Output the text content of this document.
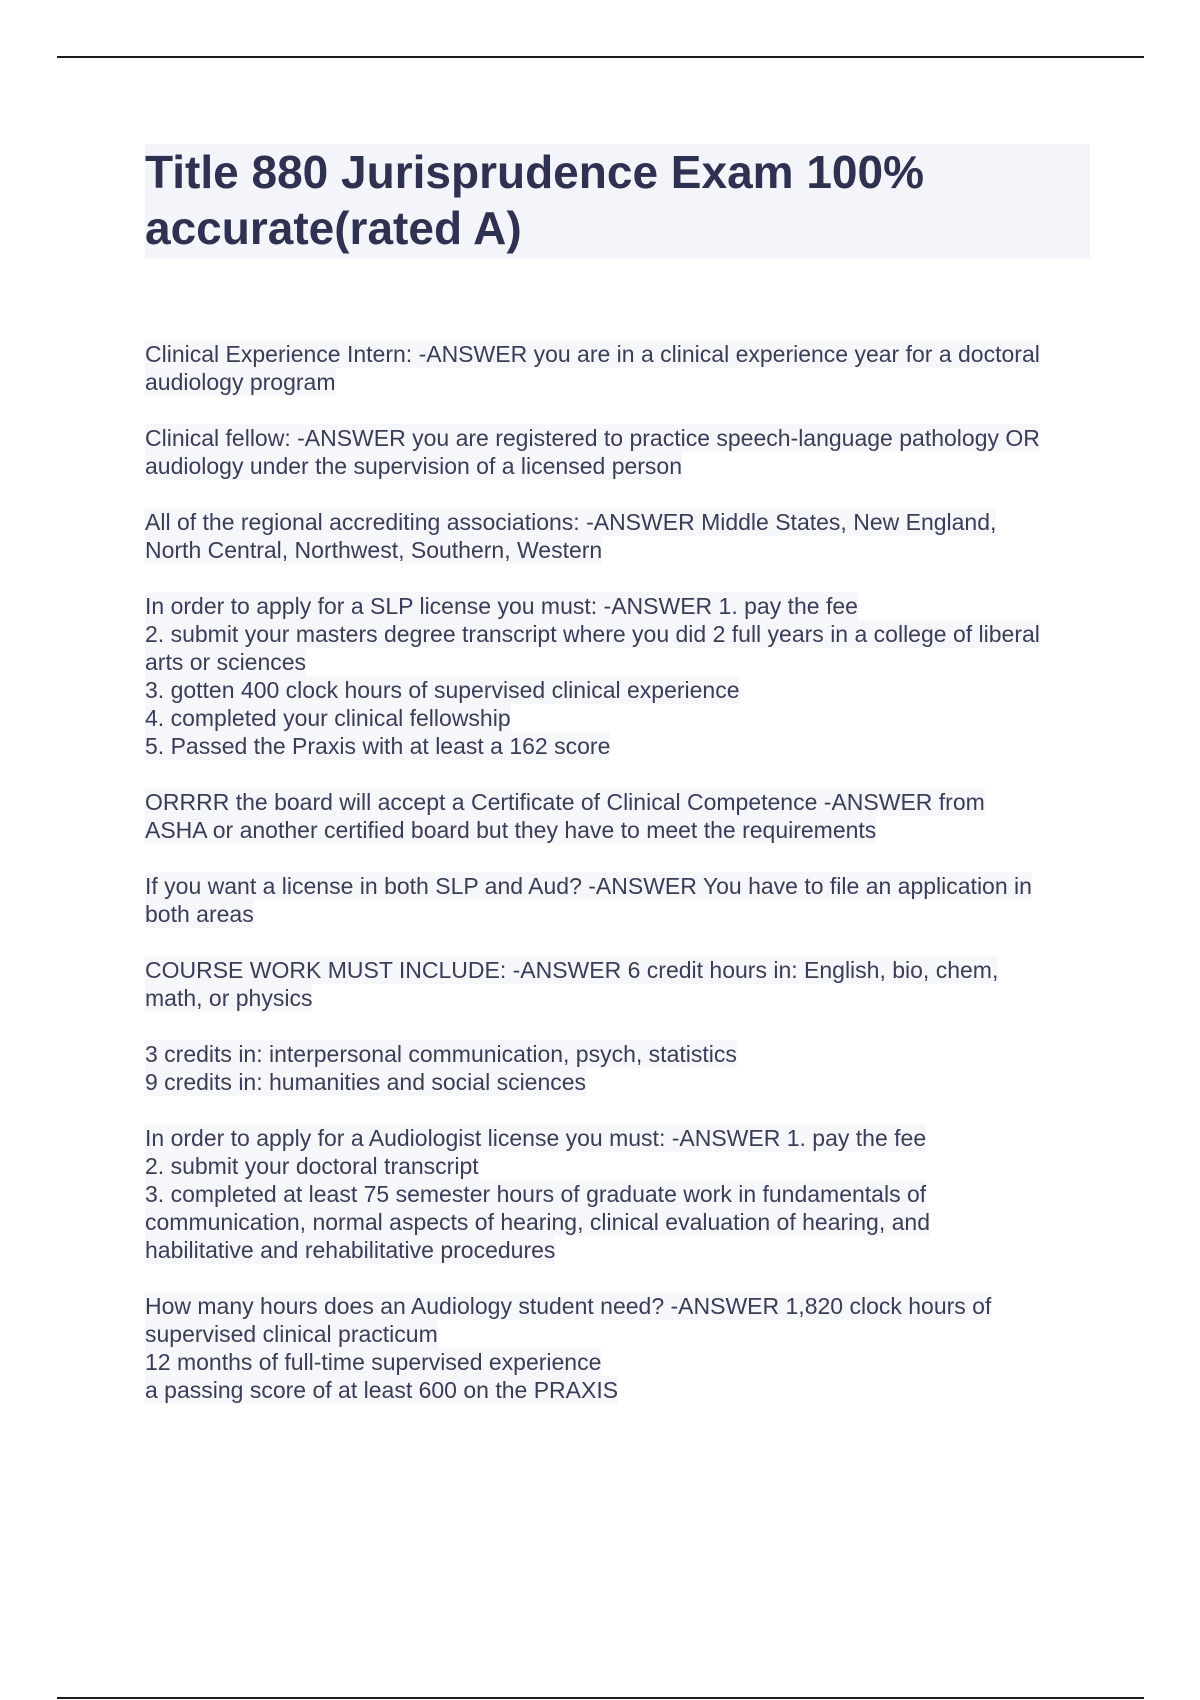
Title 880 Jurisprudence Exam 100%
accurate(rated A)
Clinical Experience Intern: -ANSWER you are in a clinical experience year for a doctoral
audiology program
Clinical fellow: -ANSWER you are registered to practice speech-language pathology OR
audiology under the supervision of a licensed person
All of the regional accrediting associations: -ANSWER Middle States, New England,
North Central, Northwest, Southern, Western
In order to apply for a SLP license you must: -ANSWER 1. pay the fee
2. submit your masters degree transcript where you did 2 full years in a college of liberal
arts or sciences
3. gotten 400 clock hours of supervised clinical experience
4. completed your clinical fellowship
5. Passed the Praxis with at least a 162 score
ORRRR the board will accept a Certificate of Clinical Competence -ANSWER from
ASHA or another certified board but they have to meet the requirements
If you want a license in both SLP and Aud? -ANSWER You have to file an application in
both areas
COURSE WORK MUST INCLUDE: -ANSWER 6 credit hours in: English, bio, chem,
math, or physics
3 credits in: interpersonal communication, psych, statistics
9 credits in: humanities and social sciences
In order to apply for a Audiologist license you must: -ANSWER 1. pay the fee
2. submit your doctoral transcript
3. completed at least 75 semester hours of graduate work in fundamentals of
communication, normal aspects of hearing, clinical evaluation of hearing, and
habilitative and rehabilitative procedures
How many hours does an Audiology student need? -ANSWER 1,820 clock hours of
supervised clinical practicum
12 months of full-time supervised experience
a passing score of at least 600 on the PRAXIS
